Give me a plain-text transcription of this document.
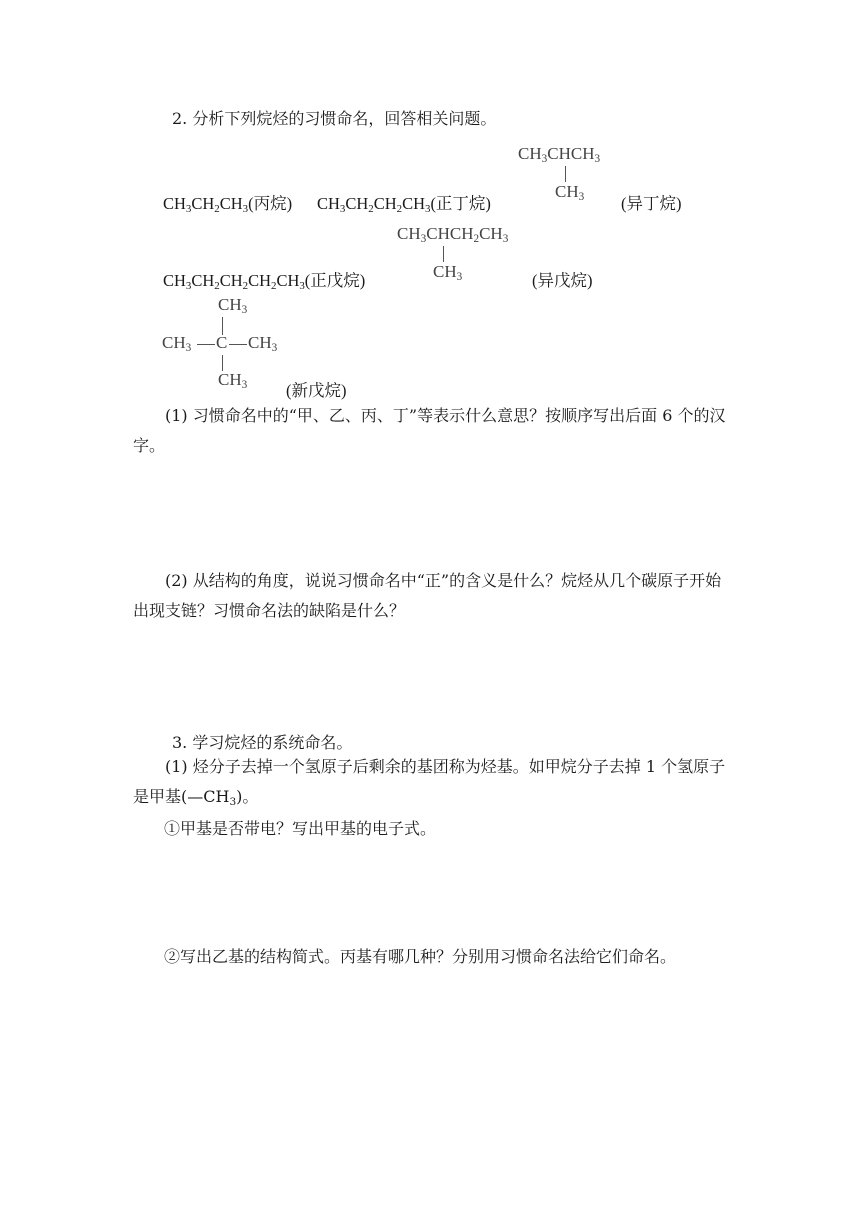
2. 分析下列烷烃的习惯命名，回答相关问题。
$CH_3CH_2CH_3$(丙烷) $CH_3CH_2CH_2CH_3$(正丁烷)
$CH_3CHCH_3$
$CH_3$ (异丁烷)
$CH_3CH_2CH_2CH_2CH_3$(正戊烷)
$CH_3CHCH_2CH_3$
$CH_3$	(异戊烷)
$CH_3$
$CH_3$ C $CH_3$
$CH_3$ (新戊烷)
(1) 习惯命名中的“甲、乙、丙、丁”等表示什么意思？按顺序写出后面 6 个的汉字。
(2) 从结构的角度，说说习惯命名中“正”的含义是什么？烷烃从几个碳原子开始出现支链？习惯命名法的缺陷是什么？
3. 学习烷烃的系统命名。
(1) 烃分子去掉一个氢原子后剩余的基团称为烃基。如甲烷分子去掉 1 个氢原子是甲基$(—CH_3)$。
①甲基是否带电？写出甲基的电子式。
②写出乙基的结构简式。丙基有哪几种？分别用习惯命名法给它们命名。
